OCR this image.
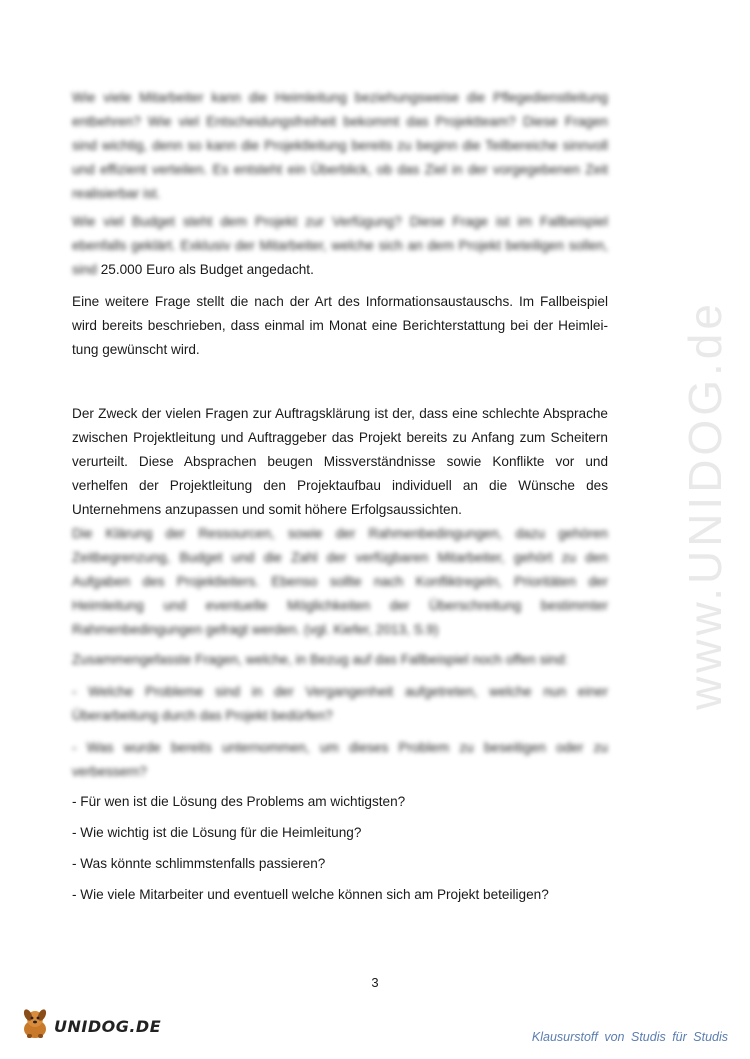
www.UNIDOG.de
Wie viele Mitarbeiter kann die Heimleitung beziehungsweise die Pflegedienstleitung entbehren? Wie viel Entscheidungsfreiheit bekommt das Projektteam? Diese Fragen sind wichtig, denn so kann die Projektleitung bereits zu beginn die Teilbereiche sinnvoll und effizient verteilen. Es entsteht ein Überblick, ob das Ziel in der vorgegebenen Zeit realisierbar ist.
Wie viel Budget steht dem Projekt zur Verfügung? Diese Frage ist im Fallbeispiel ebenfalls geklärt. Exklusiv der Mitarbeiter, welche sich an dem Projekt beteiligen sollen, sind 25.000 Euro als Budget angedacht.
Eine weitere Frage stellt die nach der Art des Informationsaustauschs. Im Fallbeispiel wird bereits beschrieben, dass einmal im Monat eine Berichterstattung bei der Heimlei-tung gewünscht wird.
Der Zweck der vielen Fragen zur Auftragsklärung ist der, dass eine schlechte Absprache zwischen Projektleitung und Auftraggeber das Projekt bereits zu Anfang zum Scheitern verurteilt. Diese Absprachen beugen Missverständnisse sowie Konflikte vor und verhelfen der Projektleitung den Projektaufbau individuell an die Wünsche des Unternehmens anzupassen und somit höhere Erfolgsaussichten.
Die Klärung der Ressourcen, sowie der Rahmenbedingungen, dazu gehören Zeitbegrenzung, Budget und die Zahl der verfügbaren Mitarbeiter, gehört zu den Aufgaben des Projektleiters. Ebenso sollte nach Konfliktregeln, Prioritäten der Heimleitung und eventuelle Möglichkeiten der Überschreitung bestimmter Rahmenbedingungen gefragt werden. (vgl. Kiefer, 2013, S.9)
Zusammengefasste Fragen, welche, in Bezug auf das Fallbeispiel noch offen sind:
- Welche Probleme sind in der Vergangenheit aufgetreten, welche nun einer Überarbeitung durch das Projekt bedürfen?
- Was wurde bereits unternommen, um dieses Problem zu beseitigen oder zu verbessern?
- Für wen ist die Lösung des Problems am wichtigsten?
- Wie wichtig ist die Lösung für die Heimleitung?
- Was könnte schlimmstenfalls passieren?
- Wie viele Mitarbeiter und eventuell welche können sich am Projekt beteiligen?
3
UNIDOG.DE
Klausurstoff von Studis für Studis
